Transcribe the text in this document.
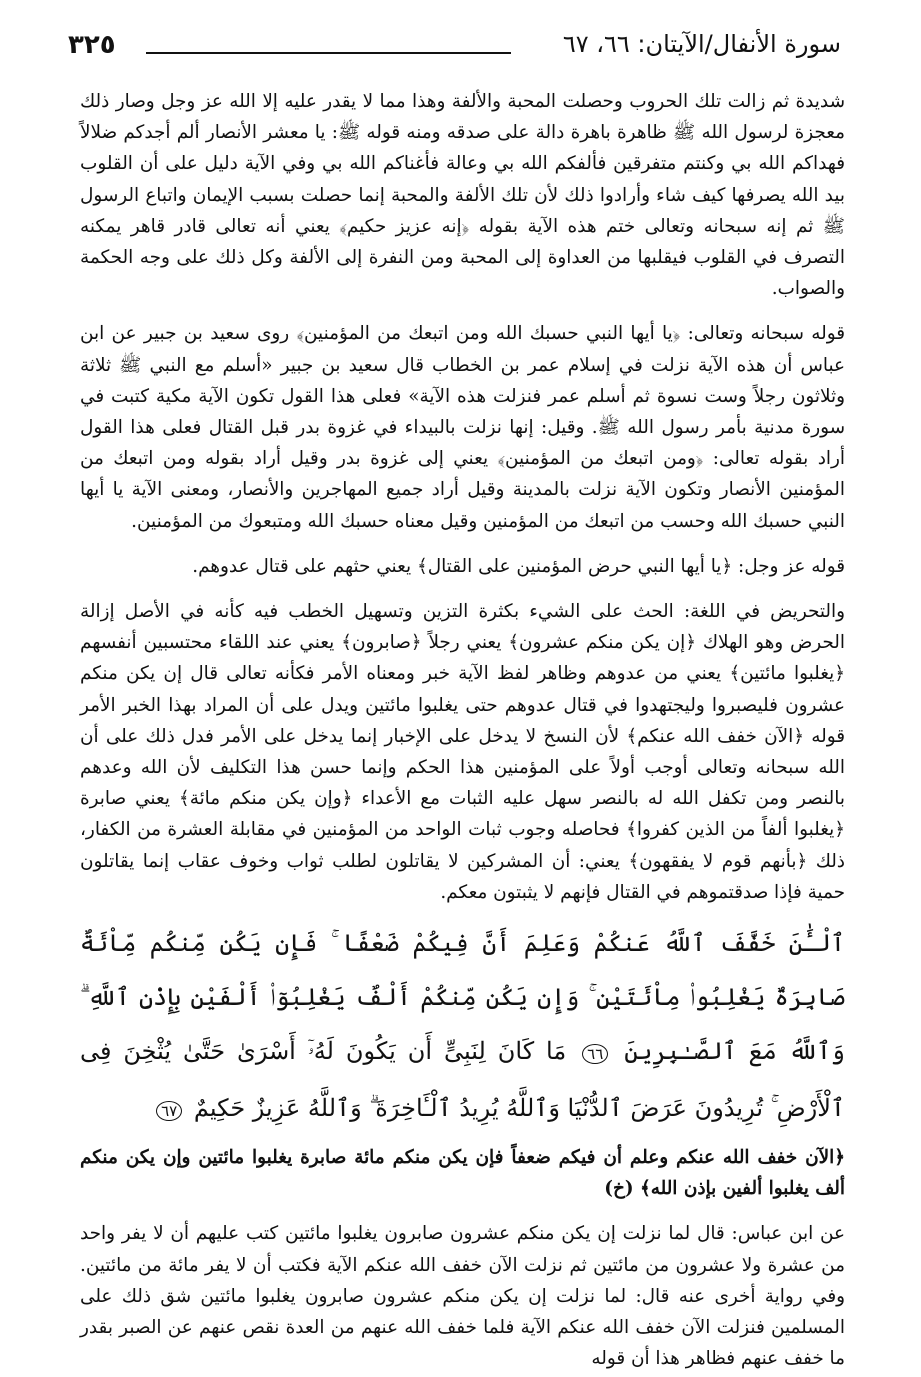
٣٢٥	سورة الأنفال/الآيتان: ٦٦، ٦٧

شديدة ثم زالت تلك الحروب وحصلت المحبة والألفة وهذا مما لا يقدر عليه إلا الله عز وجل وصار ذلك معجزة لرسول الله ﷺ ظاهرة باهرة دالة على صدقه ومنه قوله ﷺ: يا معشر الأنصار ألم أجدكم ضلالاً فهداكم الله بي وكنتم متفرقين فألفكم الله بي وعالة فأغناكم الله بي وفي الآية دليل على أن القلوب بيد الله يصرفها كيف شاء وأرادوا ذلك لأن تلك الألفة والمحبة إنما حصلت بسبب الإيمان واتباع الرسول ﷺ ثم إنه سبحانه وتعالى ختم هذه الآية بقوله ﴿إنه عزيز حكيم﴾ يعني أنه تعالى قادر قاهر يمكنه التصرف في القلوب فيقلبها من العداوة إلى المحبة ومن النفرة إلى الألفة وكل ذلك على وجه الحكمة والصواب.

قوله سبحانه وتعالى: ﴿يا أيها النبي حسبك الله ومن اتبعك من المؤمنين﴾ روى سعيد بن جبير عن ابن عباس أن هذه الآية نزلت في إسلام عمر بن الخطاب قال سعيد بن جبير «أسلم مع النبي ﷺ ثلاثة وثلاثون رجلاً وست نسوة ثم أسلم عمر فنزلت هذه الآية» فعلى هذا القول تكون الآية مكية كتبت في سورة مدنية بأمر رسول الله ﷺ. وقيل: إنها نزلت بالبيداء في غزوة بدر قبل القتال فعلى هذا القول أراد بقوله تعالى: ﴿ومن اتبعك من المؤمنين﴾ يعني إلى غزوة بدر وقيل أراد بقوله ومن اتبعك من المؤمنين الأنصار وتكون الآية نزلت بالمدينة وقيل أراد جميع المهاجرين والأنصار، ومعنى الآية يا أيها النبي حسبك الله وحسب من اتبعك من المؤمنين وقيل معناه حسبك الله ومتبعوك من المؤمنين.

قوله عز وجل: ﴿يا أيها النبي حرض المؤمنين على القتال﴾ يعني حثهم على قتال عدوهم.

والتحريض في اللغة: الحث على الشيء بكثرة التزين وتسهيل الخطب فيه كأنه في الأصل إزالة الحرض وهو الهلاك ﴿إن يكن منكم عشرون﴾ يعني رجلاً ﴿صابرون﴾ يعني عند اللقاء محتسبين أنفسهم ﴿يغلبوا مائتين﴾ يعني من عدوهم وظاهر لفظ الآية خبر ومعناه الأمر فكأنه تعالى قال إن يكن منكم عشرون فليصبروا وليجتهدوا في قتال عدوهم حتى يغلبوا مائتين ويدل على أن المراد بهذا الخبر الأمر قوله ﴿الآن خفف الله عنكم﴾ لأن النسخ لا يدخل على الإخبار إنما يدخل على الأمر فدل ذلك على أن الله سبحانه وتعالى أوجب أولاً على المؤمنين هذا الحكم وإنما حسن هذا التكليف لأن الله وعدهم بالنصر ومن تكفل الله له بالنصر سهل عليه الثبات مع الأعداء ﴿وإن يكن منكم مائة﴾ يعني صابرة ﴿يغلبوا ألفاً من الذين كفروا﴾ فحاصله وجوب ثبات الواحد من المؤمنين في مقابلة العشرة من الكفار، ذلك ﴿بأنهم قوم لا يفقهون﴾ يعني: أن المشركين لا يقاتلون لطلب ثواب وخوف عقاب إنما يقاتلون حمية فإذا صدقتموهم في القتال فإنهم لا يثبتون معكم.

ٱلْـَٰٔنَ خَفَّفَ ٱللَّهُ عَنكُمْ وَعَلِمَ أَنَّ فِيكُمْ ضَعْفًا ۚ فَإِن يَكُن مِّنكُم مِّاْئَةٌ صَابِرَةٌ يَغْلِبُوا۟ مِاْئَتَيْنِ ۚ وَإِن يَكُن مِّنكُمْ أَلْفٌ يَغْلِبُوٓا۟ أَلْفَيْنِ بِإِذْنِ ٱللَّهِ ۗ وَٱللَّهُ مَعَ ٱلصَّـٰبِرِينَ ٦٦ مَا كَانَ لِنَبِىٍّ أَن يَكُونَ لَهُۥٓ أَسْرَىٰ حَتَّىٰ يُثْخِنَ فِى ٱلْأَرْضِ ۚ تُرِيدُونَ عَرَضَ ٱلدُّنْيَا وَٱللَّهُ يُرِيدُ ٱلْـَٔاخِرَةَ ۗ وَٱللَّهُ عَزِيزٌ حَكِيمٌ ٦٧

﴿الآن خفف الله عنكم وعلم أن فيكم ضعفاً فإن يكن منكم مائة صابرة يغلبوا مائتين وإن يكن منكم ألف يغلبوا ألفين بإذن الله﴾ (خ)

عن ابن عباس: قال لما نزلت إن يكن منكم عشرون صابرون يغلبوا مائتين كتب عليهم أن لا يفر واحد من عشرة ولا عشرون من مائتين ثم نزلت الآن خفف الله عنكم الآية فكتب أن لا يفر مائة من مائتين. وفي رواية أخرى عنه قال: لما نزلت إن يكن منكم عشرون صابرون يغلبوا مائتين شق ذلك على المسلمين فنزلت الآن خفف الله عنكم الآية فلما خفف الله عنهم من العدة نقص عنهم عن الصبر بقدر ما خفف عنهم فظاهر هذا أن قوله
